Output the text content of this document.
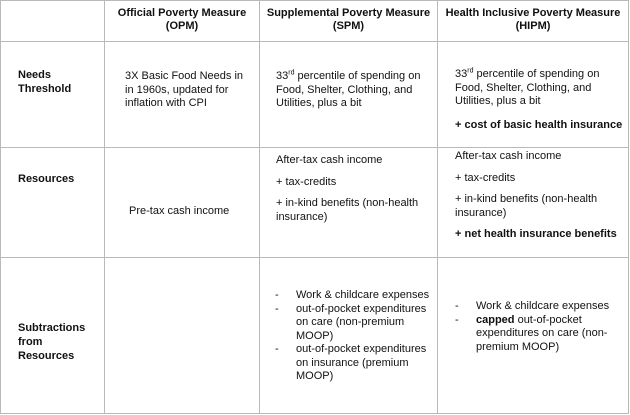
Official Poverty Measure
(OPM)
Supplemental Poverty Measure
(SPM)
Health Inclusive Poverty Measure
(HIPM)
Needs Threshold
3X Basic Food Needs in
in 1960s, updated for
inflation with CPI
33rd percentile of spending on
Food, Shelter, Clothing, and
Utilities, plus a bit
33rd percentile of spending on
Food, Shelter, Clothing, and
Utilities, plus a bit
+ cost of basic health insurance
Resources
Pre-tax cash income
After-tax cash income
+ tax-credits
+ in-kind benefits (non-health
insurance)
After-tax cash income
+ tax-credits
+ in-kind benefits (non-health
insurance)
+ net health insurance benefits
Subtractions from
Resources
- Work & childcare expenses
- out-of-pocket expenditures
on care (non-premium
MOOP)
- out-of-pocket expenditures
on insurance (premium
MOOP)
- Work & childcare expenses
- capped out-of-pocket
expenditures on care (non-
premium MOOP)
